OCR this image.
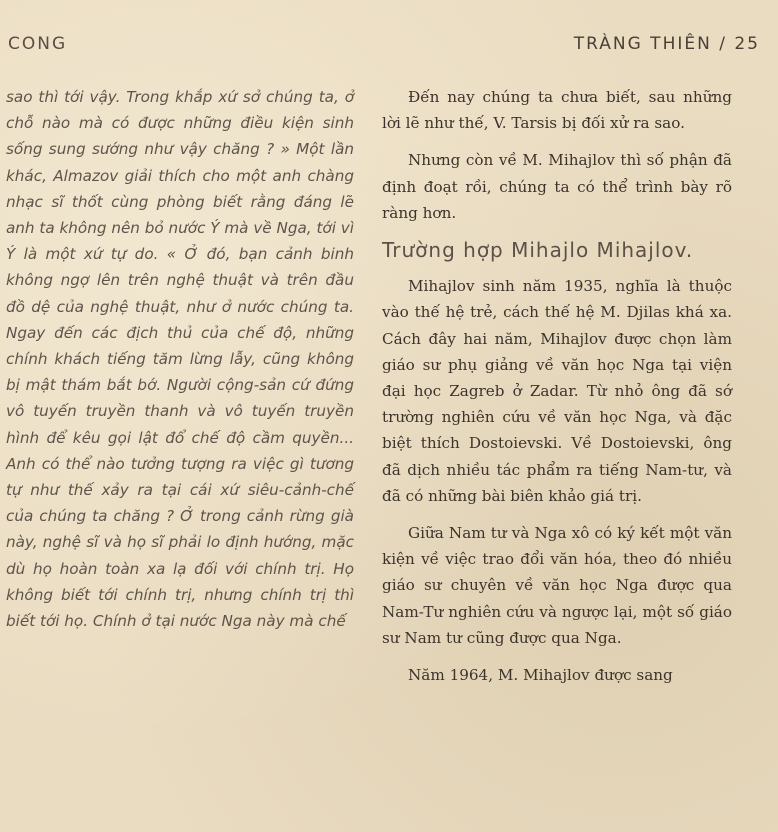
CONG	TRÀNG THIÊN / 25

sao thì tới vậy. Trong khắp xứ sở chúng ta, ở chỗ nào mà có được những điều kiện sinh sống sung sướng như vậy chăng ? » Một lần khác, Almazov giải thích cho một anh chàng nhạc sĩ thốt cùng phòng biết rằng đáng lẽ anh ta không nên bỏ nước Ý mà về Nga, tới vì Ý là một xứ tự do. « Ở đó, bạn cảnh binh không ngợ lên trên nghệ thuật và trên đầu đồ dệ của nghệ thuật, như ở nước chúng ta. Ngay đến các địch thủ của chế độ, những chính khách tiếng tăm lừng lẫy, cũng không bị mật thám bắt bớ. Người cộng-sản cứ đứng vô tuyến truyền thanh và vô tuyến truyền hình để kêu gọi lật đổ chế độ cầm quyền... Anh có thể nào tưởng tượng ra việc gì tương tự như thế xảy ra tại cái xứ siêu-cảnh-chế của chúng ta chăng ? Ở trong cảnh rừng già này, nghệ sĩ và họ sĩ phải lo định hướng, mặc dù họ hoàn toàn xa lạ đối với chính trị. Họ không biết tới chính trị, nhưng chính trị thì biết tới họ. Chính ở tại nước Nga này mà chế

Đến nay chúng ta chưa biết, sau những lời lẽ như thế, V. Tarsis bị đối xử ra sao.

Nhưng còn về M. Mihajlov thì số phận đã định đoạt rồi, chúng ta có thể trình bày rõ ràng hơn.

Trường hợp Mihajlo Mihajlov.

Mihajlov sinh năm 1935, nghĩa là thuộc vào thế hệ trẻ, cách thế hệ M. Djilas khá xa. Cách đây hai năm, Mihajlov được chọn làm giáo sư phụ giảng về văn học Nga tại viện đại học Zagreb ở Zadar. Từ nhỏ ông đã sớ trường nghiên cứu về văn học Nga, và đặc biệt thích Dostoievski. Về Dostoievski, ông đã dịch nhiều tác phẩm ra tiếng Nam-tư, và đã có những bài biên khảo giá trị.

Giữa Nam tư và Nga xô có ký kết một văn kiện về việc trao đổi văn hóa, theo đó nhiều giáo sư chuyên về văn học Nga được qua Nam-Tư nghiên cứu và ngược lại, một số giáo sư Nam tư cũng được qua Nga.

Năm 1964, M. Mihajlov được sang
